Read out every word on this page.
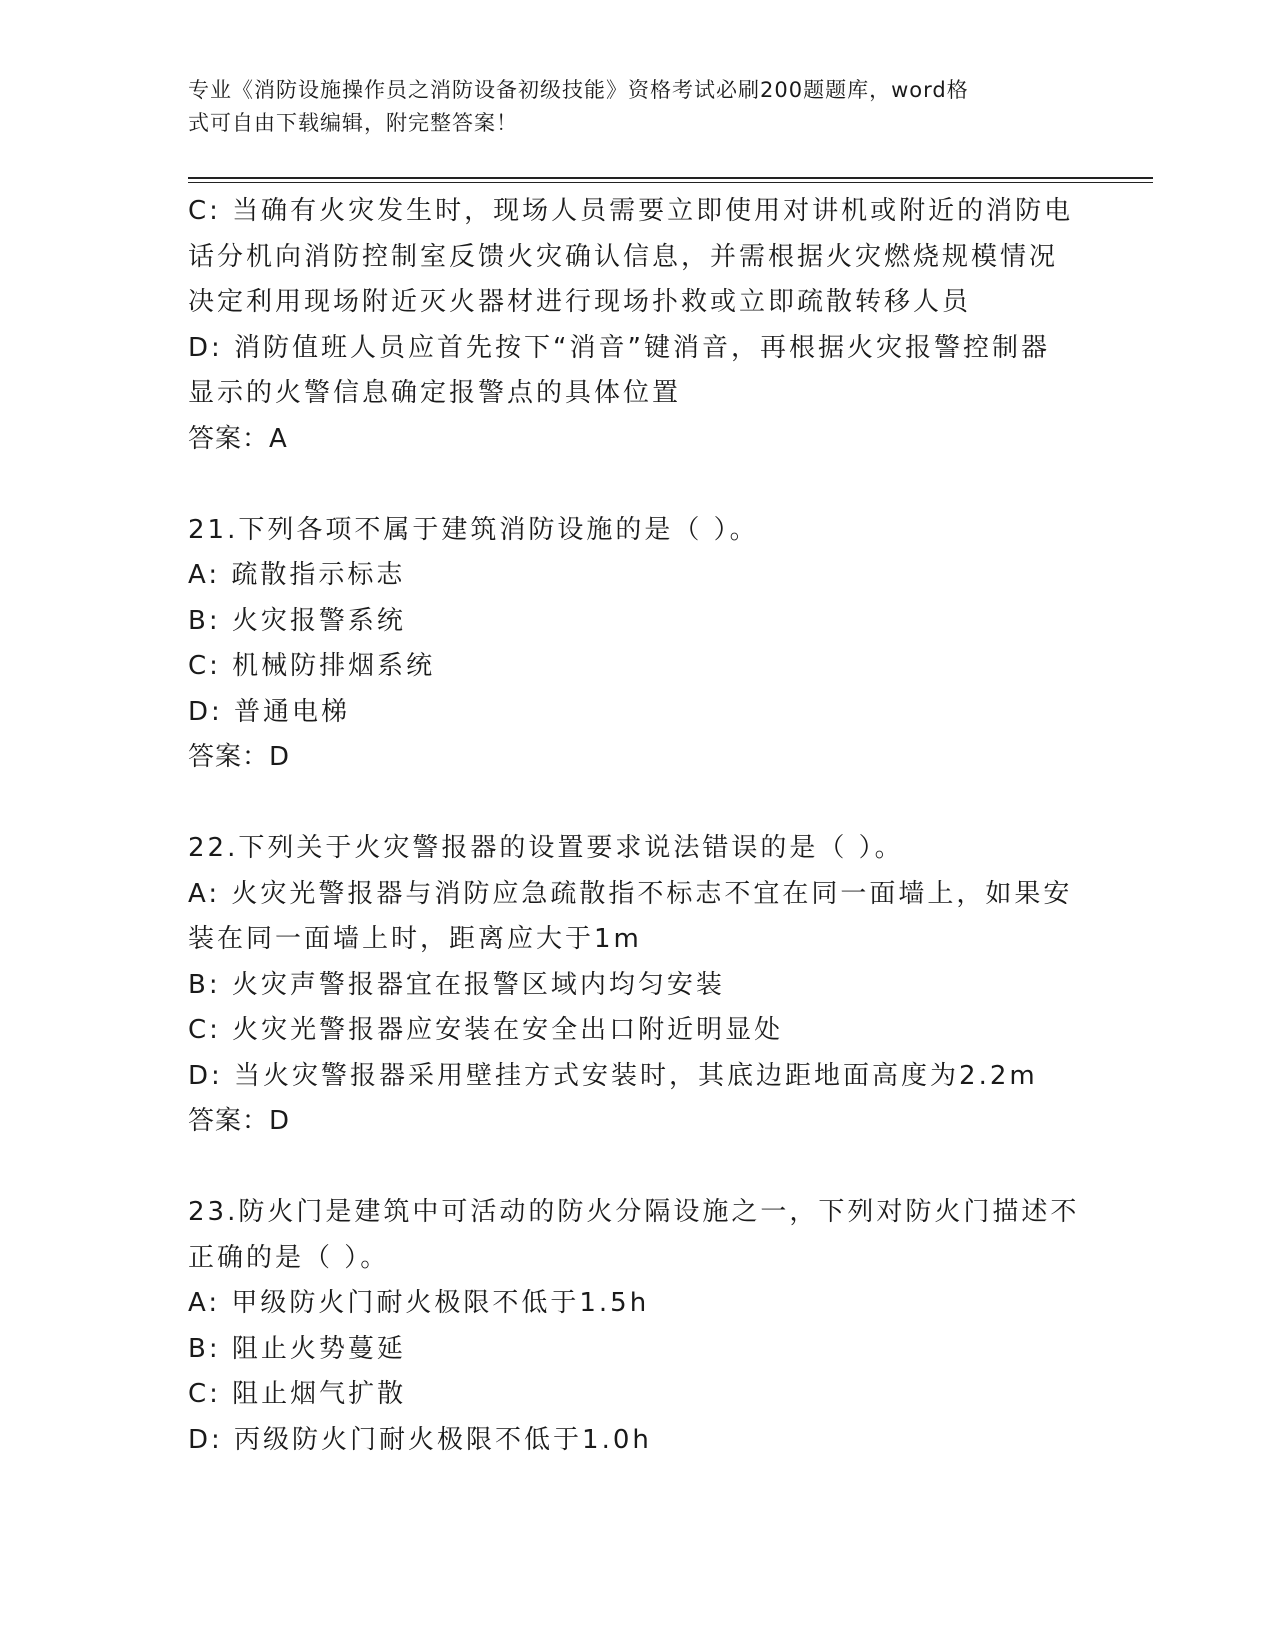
专业《消防设施操作员之消防设备初级技能》资格考试必刷200题题库，word格
式可自由下载编辑，附完整答案！
C: 当确有火灾发生时，现场人员需要立即使用对讲机或附近的消防电
话分机向消防控制室反馈火灾确认信息，并需根据火灾燃烧规模情况
决定利用现场附近灭火器材进行现场扑救或立即疏散转移人员
D: 消防值班人员应首先按下“消音”键消音，再根据火灾报警控制器
显示的火警信息确定报警点的具体位置
答案：A
21.下列各项不属于建筑消防设施的是（ ）。
A: 疏散指示标志
B: 火灾报警系统
C: 机械防排烟系统
D: 普通电梯
答案：D
22.下列关于火灾警报器的设置要求说法错误的是（ ）。
A: 火灾光警报器与消防应急疏散指不标志不宜在同一面墙上，如果安
装在同一面墙上时，距离应大于1m
B: 火灾声警报器宜在报警区域内均匀安装
C: 火灾光警报器应安装在安全出口附近明显处
D: 当火灾警报器采用壁挂方式安装时，其底边距地面高度为2.2m
答案：D
23.防火门是建筑中可活动的防火分隔设施之一，下列对防火门描述不
正确的是（ ）。
A: 甲级防火门耐火极限不低于1.5h
B: 阻止火势蔓延
C: 阻止烟气扩散
D: 丙级防火门耐火极限不低于1.0h
